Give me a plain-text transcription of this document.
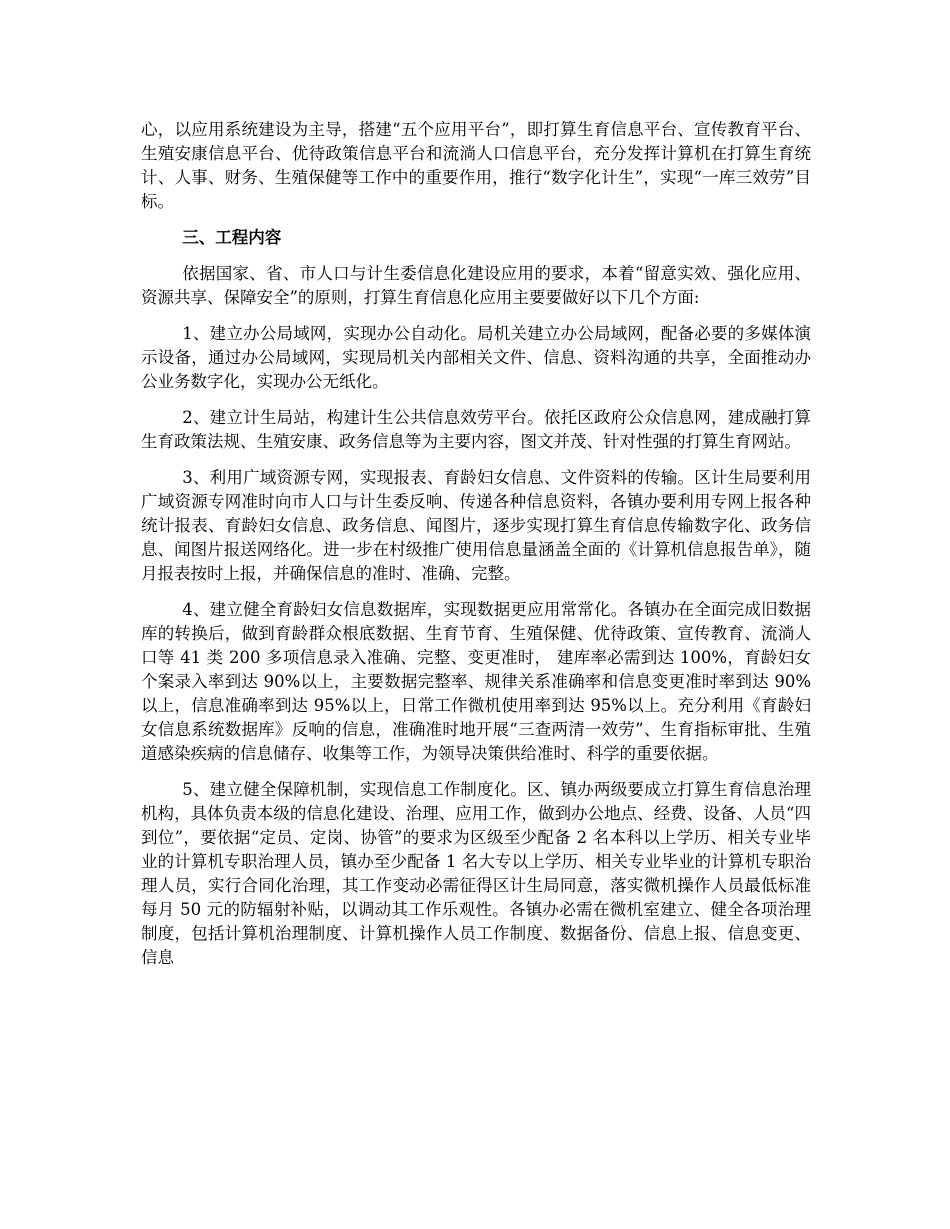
心，以应用系统建设为主导，搭建“五个应用平台”，即打算生育信息平台、宣传教育平台、生殖安康信息平台、优待政策信息平台和流淌人口信息平台，充分发挥计算机在打算生育统计、人事、财务、生殖保健等工作中的重要作用，推行“数字化计生”，实现“一库三效劳”目标。

三、工程内容

依据国家、省、市人口与计生委信息化建设应用的要求，本着“留意实效、强化应用、资源共享、保障安全”的原则，打算生育信息化应用主要要做好以下几个方面:

1、建立办公局域网，实现办公自动化。局机关建立办公局域网，配备必要的多媒体演示设备，通过办公局域网，实现局机关内部相关文件、信息、资料沟通的共享，全面推动办公业务数字化，实现办公无纸化。

2、建立计生局站，构建计生公共信息效劳平台。依托区政府公众信息网，建成融打算生育政策法规、生殖安康、政务信息等为主要内容，图文并茂、针对性强的打算生育网站。

3、利用广域资源专网，实现报表、育龄妇女信息、文件资料的传输。区计生局要利用广域资源专网准时向市人口与计生委反响、传递各种信息资料，各镇办要利用专网上报各种统计报表、育龄妇女信息、政务信息、闻图片，逐步实现打算生育信息传输数字化、政务信息、闻图片报送网络化。进一步在村级推广使用信息量涵盖全面的《计算机信息报告单》，随月报表按时上报，并确保信息的准时、准确、完整。

4、建立健全育龄妇女信息数据库，实现数据更应用常常化。各镇办在全面完成旧数据库的转换后，做到育龄群众根底数据、生育节育、生殖保健、优待政策、宣传教育、流淌人口等 41 类 200 多项信息录入准确、完整、变更准时， 建库率必需到达 100%，育龄妇女个案录入率到达 90%以上，主要数据完整率、规律关系准确率和信息变更准时率到达 90%以上，信息准确率到达 95%以上，日常工作微机使用率到达 95%以上。充分利用《育龄妇女信息系统数据库》反响的信息，准确准时地开展“三查两清一效劳”、生育指标审批、生殖道感染疾病的信息储存、收集等工作，为领导决策供给准时、科学的重要依据。

5、建立健全保障机制，实现信息工作制度化。区、镇办两级要成立打算生育信息治理机构，具体负责本级的信息化建设、治理、应用工作，做到办公地点、经费、设备、人员“四到位”，要依据“定员、定岗、协管”的要求为区级至少配备 2 名本科以上学历、相关专业毕业的计算机专职治理人员，镇办至少配备 1 名大专以上学历、相关专业毕业的计算机专职治理人员，实行合同化治理，其工作变动必需征得区计生局同意，落实微机操作人员最低标准每月 50 元的防辐射补贴，以调动其工作乐观性。各镇办必需在微机室建立、健全各项治理制度，包括计算机治理制度、计算机操作人员工作制度、数据备份、信息上报、信息变更、信息
